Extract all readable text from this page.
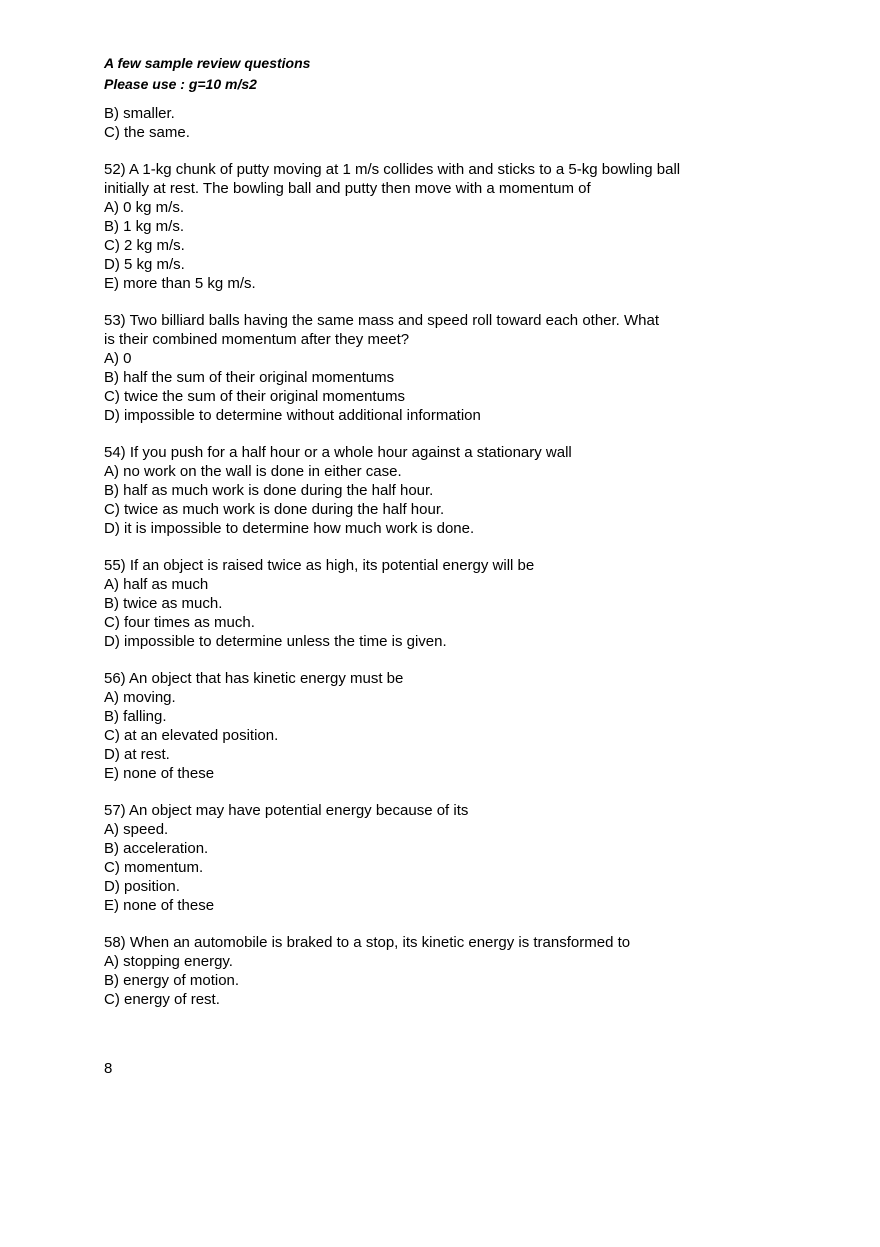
A few sample review questions

Please use : g=10 m/s2

B) smaller.

C) the same.

52) A 1-kg chunk of putty moving at 1 m/s collides with and sticks to a 5-kg bowling ball

initially at rest. The bowling ball and putty then move with a momentum of

A) 0 kg m/s.

B) 1 kg m/s.

C) 2 kg m/s.

D) 5 kg m/s.

E) more than 5 kg m/s.

53) Two billiard balls having the same mass and speed roll toward each other. What

is their combined momentum after they meet?

A) 0

B) half the sum of their original momentums

C) twice the sum of their original momentums

D) impossible to determine without additional information

54) If you push for a half hour or a whole hour against a stationary wall

A) no work on the wall is done in either case.

B) half as much work is done during the half hour.

C) twice as much work is done during the half hour.

D) it is impossible to determine how much work is done.

55) If an object is raised twice as high, its potential energy will be

A) half as much

B) twice as much.

C) four times as much.

D) impossible to determine unless the time is given.

56) An object that has kinetic energy must be

A) moving.

B) falling.

C) at an elevated position.

D) at rest.

E) none of these

57) An object may have potential energy because of its

A) speed.

B) acceleration.

C) momentum.

D) position.

E) none of these

58) When an automobile is braked to a stop, its kinetic energy is transformed to

A) stopping energy.

B) energy of motion.

C) energy of rest.

8
